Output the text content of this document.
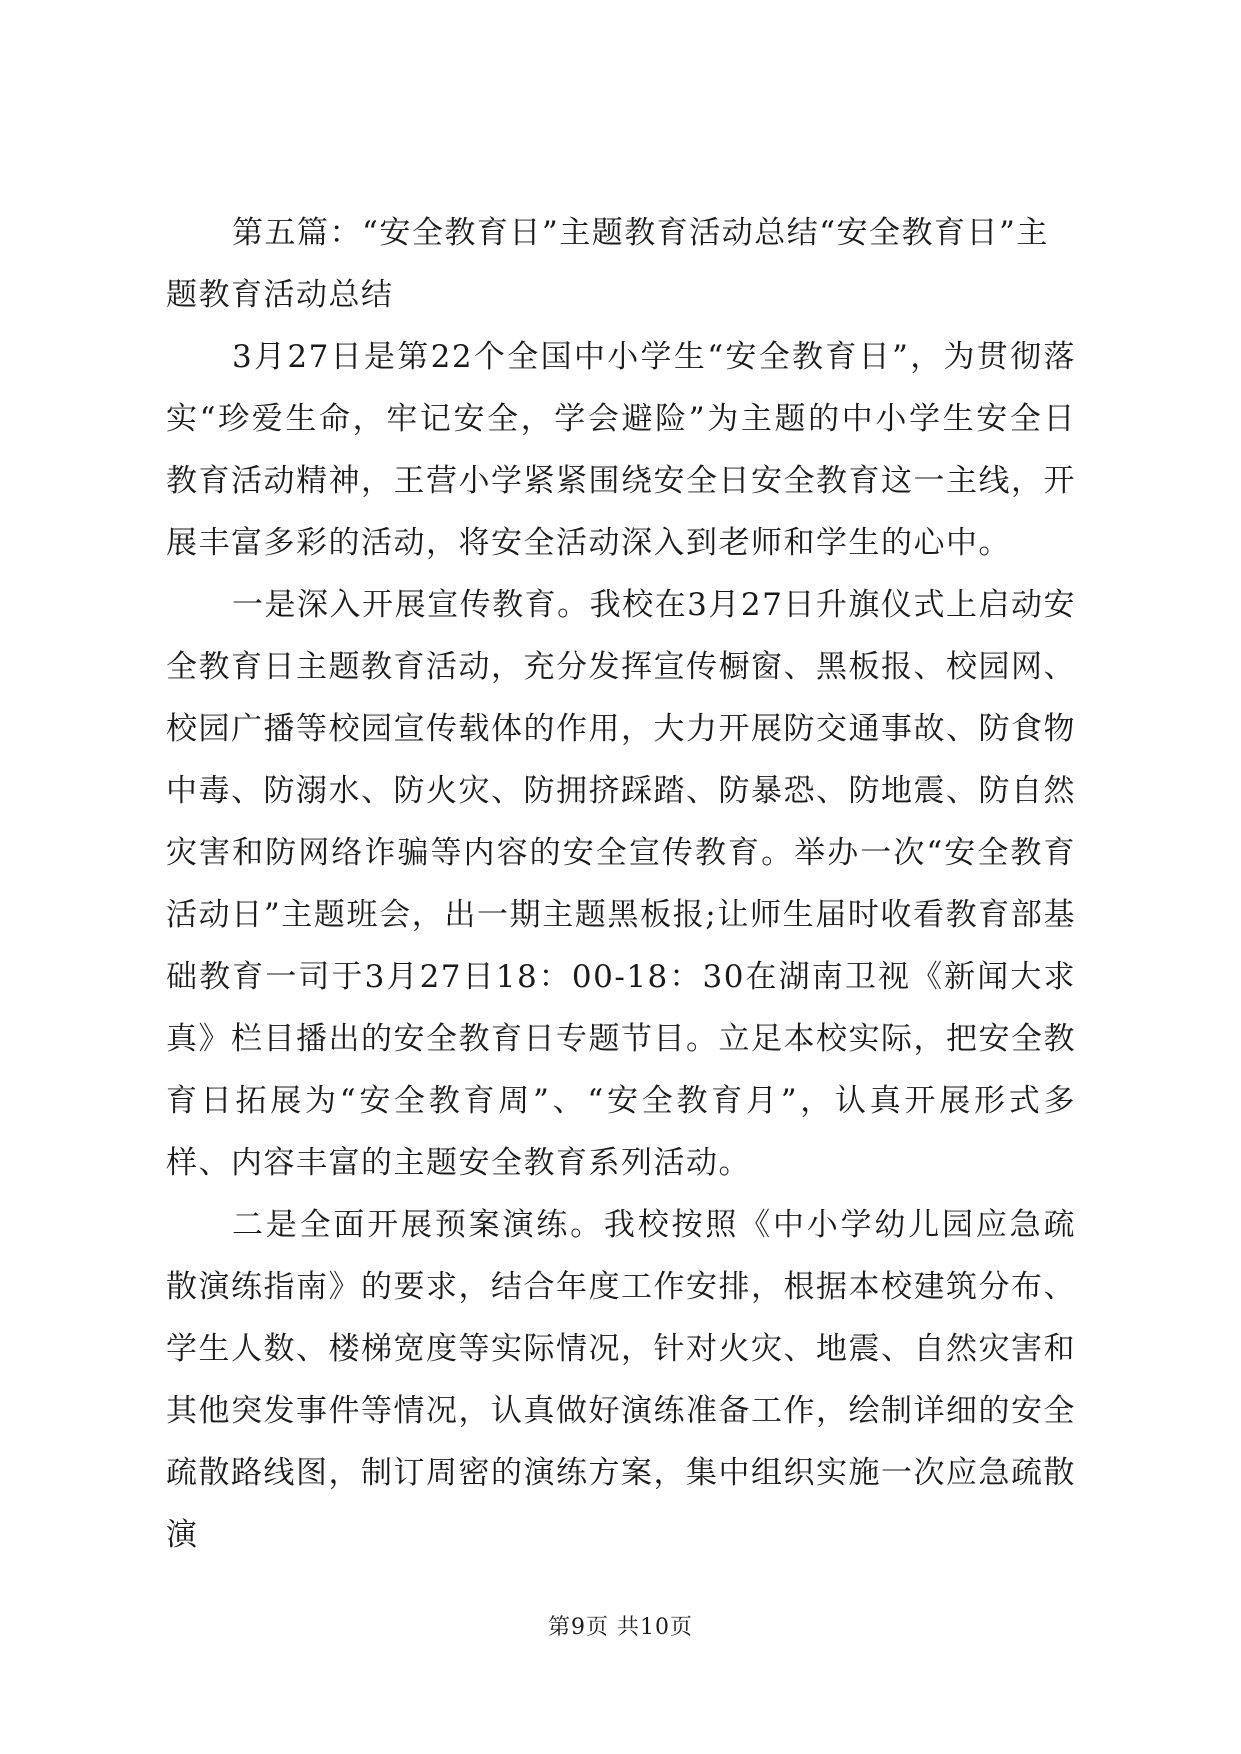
第五篇：“安全教育日”主题教育活动总结“安全教育日”主题教育活动总结

3月27日是第22个全国中小学生“安全教育日”，为贯彻落实“珍爱生命，牢记安全，学会避险”为主题的中小学生安全日教育活动精神，王营小学紧紧围绕安全日安全教育这一主线，开展丰富多彩的活动，将安全活动深入到老师和学生的心中。

一是深入开展宣传教育。我校在3月27日升旗仪式上启动安全教育日主题教育活动，充分发挥宣传橱窗、黑板报、校园网、校园广播等校园宣传载体的作用，大力开展防交通事故、防食物中毒、防溺水、防火灾、防拥挤踩踏、防暴恐、防地震、防自然灾害和防网络诈骗等内容的安全宣传教育。举办一次“安全教育活动日”主题班会，出一期主题黑板报;让师生届时收看教育部基础教育一司于3月27日18：00-18：30在湖南卫视《新闻大求真》栏目播出的安全教育日专题节目。立足本校实际，把安全教育日拓展为“安全教育周”、“安全教育月”，认真开展形式多样、内容丰富的主题安全教育系列活动。

二是全面开展预案演练。我校按照《中小学幼儿园应急疏散演练指南》的要求，结合年度工作安排，根据本校建筑分布、学生人数、楼梯宽度等实际情况，针对火灾、地震、自然灾害和其他突发事件等情况，认真做好演练准备工作，绘制详细的安全疏散路线图，制订周密的演练方案，集中组织实施一次应急疏散演

第9页 共10页
